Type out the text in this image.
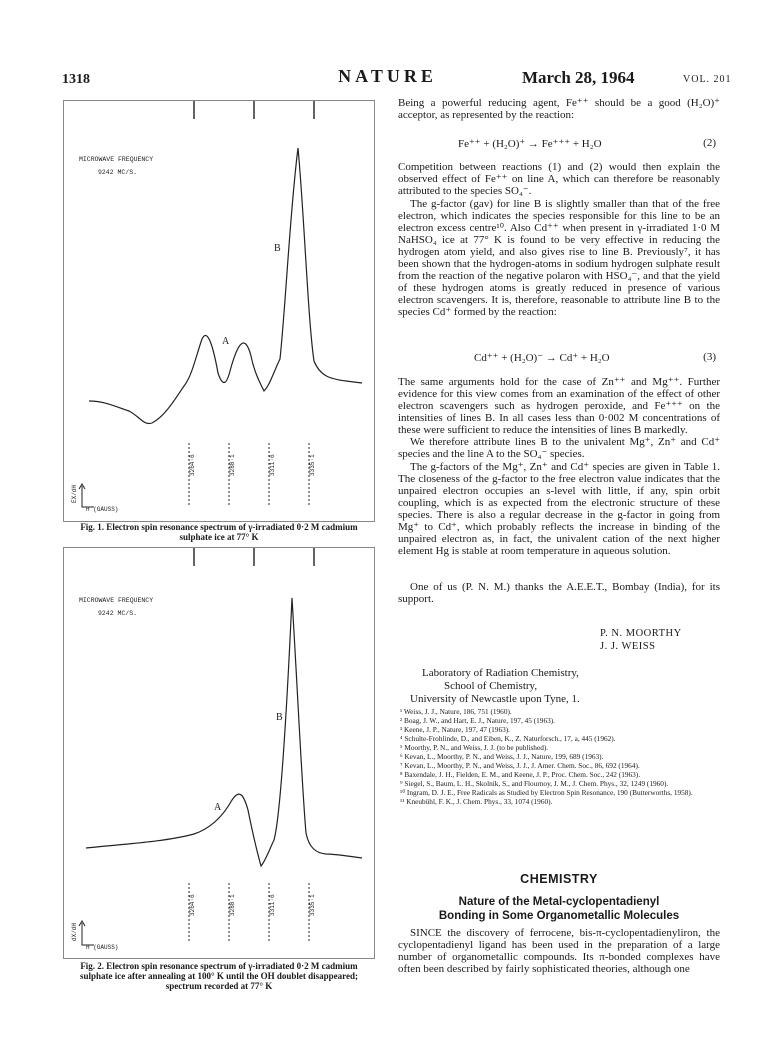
1318	NATURE	March 28, 1964	VOL. 201
MICROWAVE FREQUENCY
9242 MC/S.
B
A
3264·6	3288·1	3311·6	3335·1
EX/dH
H (GAUSS)
Fig. 1. Electron spin resonance spectrum of γ-irradiated 0·2 M cadmium sulphate ice at 77° K
MICROWAVE FREQUENCY
9242 MC/S.
B
A
3264·6	3288·1	3311·6	3335·1
dX/dH
H (GAUSS)
Fig. 2. Electron spin resonance spectrum of γ-irradiated 0·2 M cadmium sulphate ice after annealing at 100° K until the OH doublet disappeared; spectrum recorded at 77° K

Being a powerful reducing agent, Fe⁺⁺ should be a good (H₂O)⁺ acceptor, as represented by the reaction:

Fe⁺⁺ + (H₂O)⁺ → Fe⁺⁺⁺ + H₂O	(2)

Competition between reactions (1) and (2) would then explain the observed effect of Fe⁺⁺ on line A, which can therefore be reasonably attributed to the species SO₄⁻.

The g-factor (gav) for line B is slightly smaller than that of the free electron, which indicates the species responsible for this line to be an electron excess centre¹⁰. Also Cd⁺⁺ when present in γ-irradiated 1·0 M NaHSO₄ ice at 77° K is found to be very effective in reducing the hydrogen atom yield, and also gives rise to line B. Previously⁷, it has been shown that the hydrogen-atoms in sodium hydrogen sulphate result from the reaction of the negative polaron with HSO₄⁻, and that the yield of these hydrogen atoms is greatly reduced in presence of various electron scavengers. It is, therefore, reasonable to attribute line B to the species Cd⁺ formed by the reaction:

Cd⁺⁺ + (H₂O)⁻ → Cd⁺ + H₂O	(3)

The same arguments hold for the case of Zn⁺⁺ and Mg⁺⁺. Further evidence for this view comes from an examination of the effect of other electron scavengers such as hydrogen peroxide, and Fe⁺⁺⁺ on the intensities of lines B. In all cases less than 0·002 M concentrations of these were sufficient to reduce the intensities of lines B markedly.

We therefore attribute lines B to the univalent Mg⁺, Zn⁺ and Cd⁺ species and the line A to the SO₄⁻ species.

The g-factors of the Mg⁺, Zn⁺ and Cd⁺ species are given in Table 1. The closeness of the g-factor to the free electron value indicates that the unpaired electron occupies an s-level with little, if any, spin orbit coupling, which is as expected from the electronic structure of these species. There is also a regular decrease in the g-factor in going from Mg⁺ to Cd⁺, which probably reflects the increase in binding of the unpaired electron as, in fact, the univalent cation of the next higher element Hg is stable at room temperature in aqueous solution.

One of us (P. N. M.) thanks the A.E.E.T., Bombay (India), for its support.

P. N. MOORTHY
J. J. WEISS
Laboratory of Radiation Chemistry,
School of Chemistry,
University of Newcastle upon Tyne, 1.
¹ Weiss, J. J., Nature, 186, 751 (1960).
² Boag, J. W., and Hart, E. J., Nature, 197, 45 (1963).
³ Keene, J. P., Nature, 197, 47 (1963).
⁴ Schulte-Frohlinde, D., and Eiben, K., Z. Naturforsch., 17, a, 445 (1962).
⁵ Moorthy, P. N., and Weiss, J. J. (to be published).
⁶ Kevan, L., Moorthy, P. N., and Weiss, J. J., Nature, 199, 689 (1963).
⁷ Kevan, L., Moorthy, P. N., and Weiss, J. J., J. Amer. Chem. Soc., 86, 692 (1964).
⁸ Baxendale, J. H., Fielden, E. M., and Keene, J. P., Proc. Chem. Soc., 242 (1963).
⁹ Siegel, S., Baum, L. H., Skolnik, S., and Flournoy, J. M., J. Chem. Phys., 32, 1249 (1960).
¹⁰ Ingram, D. J. E., Free Radicals as Studied by Electron Spin Resonance, 190 (Butterworths, 1958).
¹¹ Kneubühl, F. K., J. Chem. Phys., 33, 1074 (1960).
CHEMISTRY
Nature of the Metal-cyclopentadienyl
Bonding in Some Organometallic Molecules

SINCE the discovery of ferrocene, bis-π-cyclopentadienyliron, the cyclopentadienyl ligand has been used in the preparation of a large number of organometallic compounds. Its π-bonded complexes have often been described by fairly sophisticated theories, although one
